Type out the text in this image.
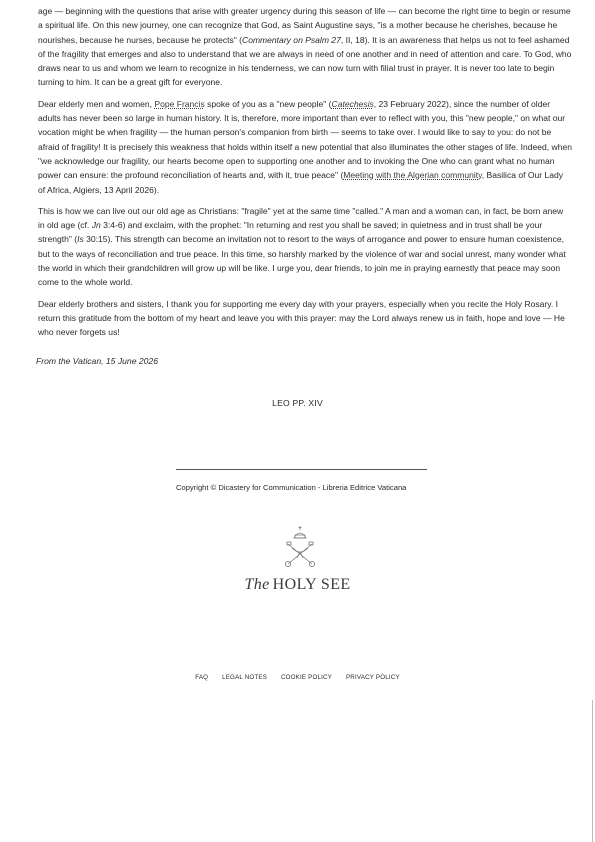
age — beginning with the questions that arise with greater urgency during this season of life — can become the right time to begin or resume a spiritual life. On this new journey, one can recognize that God, as Saint Augustine says, "is a mother because he cherishes, because he nourishes, because he nurses, because he protects" (Commentary on Psalm 27, II, 18). It is an awareness that helps us not to feel ashamed of the fragility that emerges and also to understand that we are always in need of one another and in need of attention and care. To God, who draws near to us and whom we learn to recognize in his tenderness, we can now turn with filial trust in prayer. It is never too late to begin turning to him. It can be a great gift for everyone.

Dear elderly men and women, Pope Francis spoke of you as a "new people" (Catechesis, 23 February 2022), since the number of older adults has never been so large in human history. It is, therefore, more important than ever to reflect with you, this "new people," on what our vocation might be when fragility — the human person's companion from birth — seems to take over. I would like to say to you: do not be afraid of fragility! It is precisely this weakness that holds within itself a new potential that also illuminates the other stages of life. Indeed, when "we acknowledge our fragility, our hearts become open to supporting one another and to invoking the One who can grant what no human power can ensure: the profound reconciliation of hearts and, with it, true peace" (Meeting with the Algerian community, Basilica of Our Lady of Africa, Algiers, 13 April 2026).

This is how we can live out our old age as Christians: "fragile" yet at the same time "called." A man and a woman can, in fact, be born anew in old age (cf. Jn 3:4-6) and exclaim, with the prophet: "In returning and rest you shall be saved; in quietness and in trust shall be your strength" (Is 30:15). This strength can become an invitation not to resort to the ways of arrogance and power to ensure human coexistence, but to the ways of reconciliation and true peace. In this time, so harshly marked by the violence of war and social unrest, many wonder what the world in which their grandchildren will grow up will be like. I urge you, dear friends, to join me in praying earnestly that peace may soon come to the whole world.

Dear elderly brothers and sisters, I thank you for supporting me every day with your prayers, especially when you recite the Holy Rosary. I return this gratitude from the bottom of my heart and leave you with this prayer: may the Lord always renew us in faith, hope and love — He who never forgets us!

From the Vatican, 15 June 2026
LEO PP. XIV
Copyright © Dicastery for Communication - Libreria Editrice Vaticana
The HOLY SEE
FAQ LEGAL NOTES COOKIE POLICY PRIVACY POLICY
